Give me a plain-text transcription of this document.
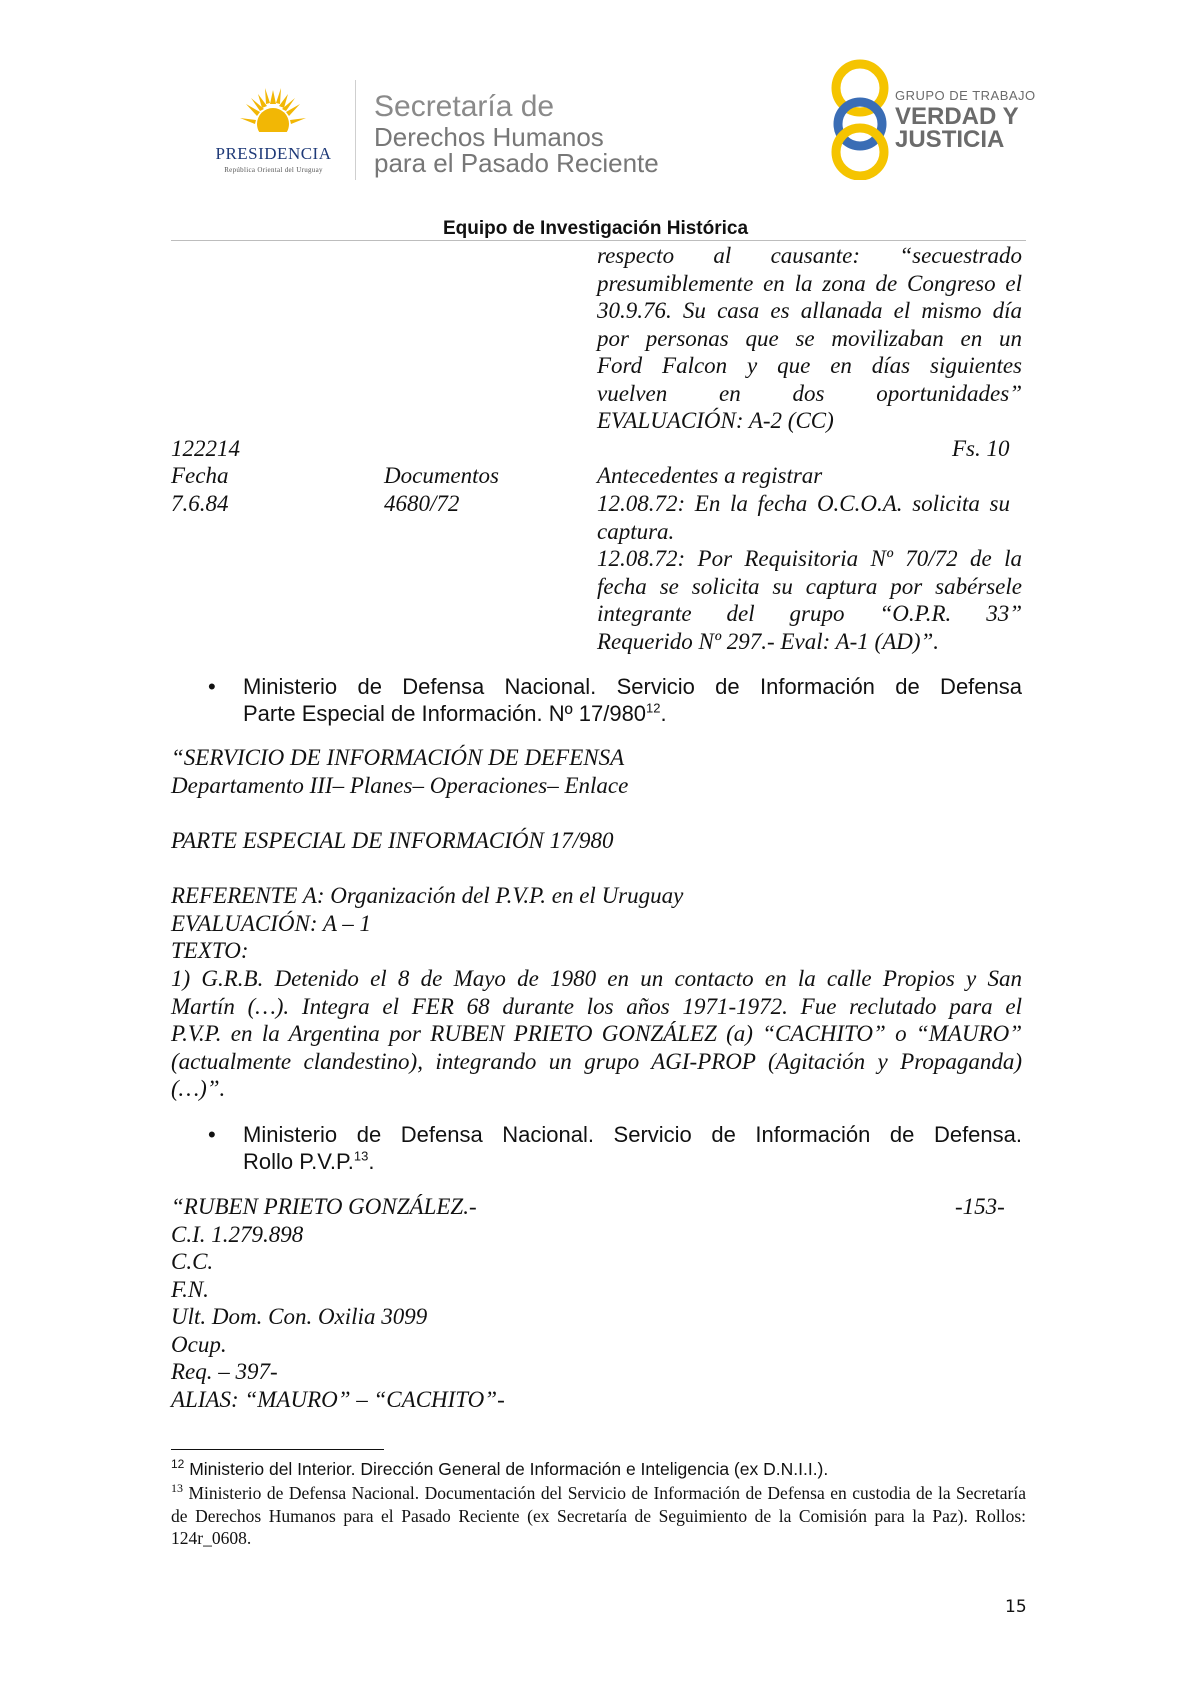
PRESIDENCIA
República Oriental del Uruguay
Secretaría de
Derechos Humanos
para el Pasado Reciente
GRUPO DE TRABAJO
VERDAD Y
JUSTICIA
Equipo de Investigación Histórica
respecto al causante: “secuestrado
presumiblemente en la zona de Congreso el
30.9.76. Su casa es allanada el mismo día
por personas que se movilizaban en un
Ford Falcon y que en días siguientes
vuelven en dos oportunidades”
EVALUACIÓN: A-2 (CC)
122214	Fs. 10
Fecha	Documentos	Antecedentes a registrar
7.6.84	4680/72	12.08.72: En la fecha O.C.O.A. solicita su
captura.
12.08.72: Por Requisitoria Nº 70/72 de la
fecha se solicita su captura por sabérsele
integrante del grupo “O.P.R. 33”
Requerido Nº 297.- Eval: A-1 (AD)”.
• Ministerio de Defensa Nacional. Servicio de Información de Defensa
Parte Especial de Información. Nº $17/980^{12}$.
“SERVICIO DE INFORMACIÓN DE DEFENSA
Departamento III– Planes– Operaciones– Enlace
PARTE ESPECIAL DE INFORMACIÓN 17/980
REFERENTE A: Organización del P.V.P. en el Uruguay
EVALUACIÓN: A – 1
TEXTO:
1) G.R.B. Detenido el 8 de Mayo de 1980 en un contacto en la calle Propios y San
Martín (…). Integra el FER 68 durante los años 1971-1972. Fue reclutado para el
P.V.P. en la Argentina por RUBEN PRIETO GONZÁLEZ (a) “CACHITO” o “MAURO”
(actualmente clandestino), integrando un grupo AGI-PROP (Agitación y Propaganda)
(…)”.
• Ministerio de Defensa Nacional. Servicio de Información de Defensa.
Rollo P.V.P.$^{13}$.
“RUBEN PRIETO GONZÁLEZ.-	-153-
C.I. 1.279.898
C.C.
F.N.
Ult. Dom. Con. Oxilia 3099
Ocup.
Req. – 397-
ALIAS: “MAURO” – “CACHITO”-
$^{12}$ Ministerio del Interior. Dirección General de Información e Inteligencia (ex D.N.I.I.).
$^{13}$ Ministerio de Defensa Nacional. Documentación del Servicio de Información de Defensa en custodia de la Secretaría de Derechos Humanos para el Pasado Reciente (ex Secretaría de Seguimiento de la Comisión para la Paz). Rollos: 124r_0608.
15
